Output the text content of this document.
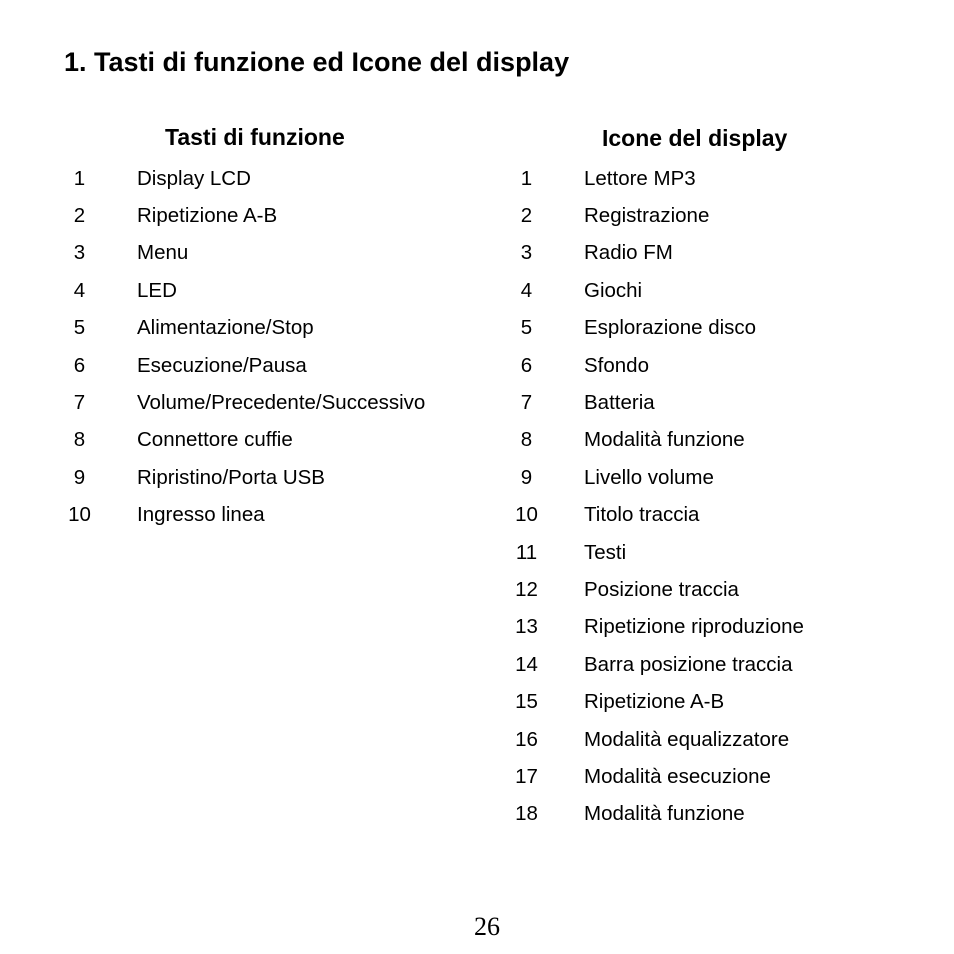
1. Tasti di funzione ed Icone del display
Tasti di funzione	Icone del display
1	Display LCD
2	Ripetizione A-B
3	Menu
4	LED
5	Alimentazione/Stop
6	Esecuzione/Pausa
7	Volume/Precedente/Successivo
8	Connettore cuffie
9	Ripristino/Porta USB
10	Ingresso linea
1	Lettore MP3
2	Registrazione
3	Radio FM
4	Giochi
5	Esplorazione disco
6	Sfondo
7	Batteria
8	Modalità funzione
9	Livello volume
10	Titolo traccia
11	Testi
12	Posizione traccia
13	Ripetizione riproduzione
14	Barra posizione traccia
15	Ripetizione A-B
16	Modalità equalizzatore
17	Modalità esecuzione
18	Modalità funzione
26
